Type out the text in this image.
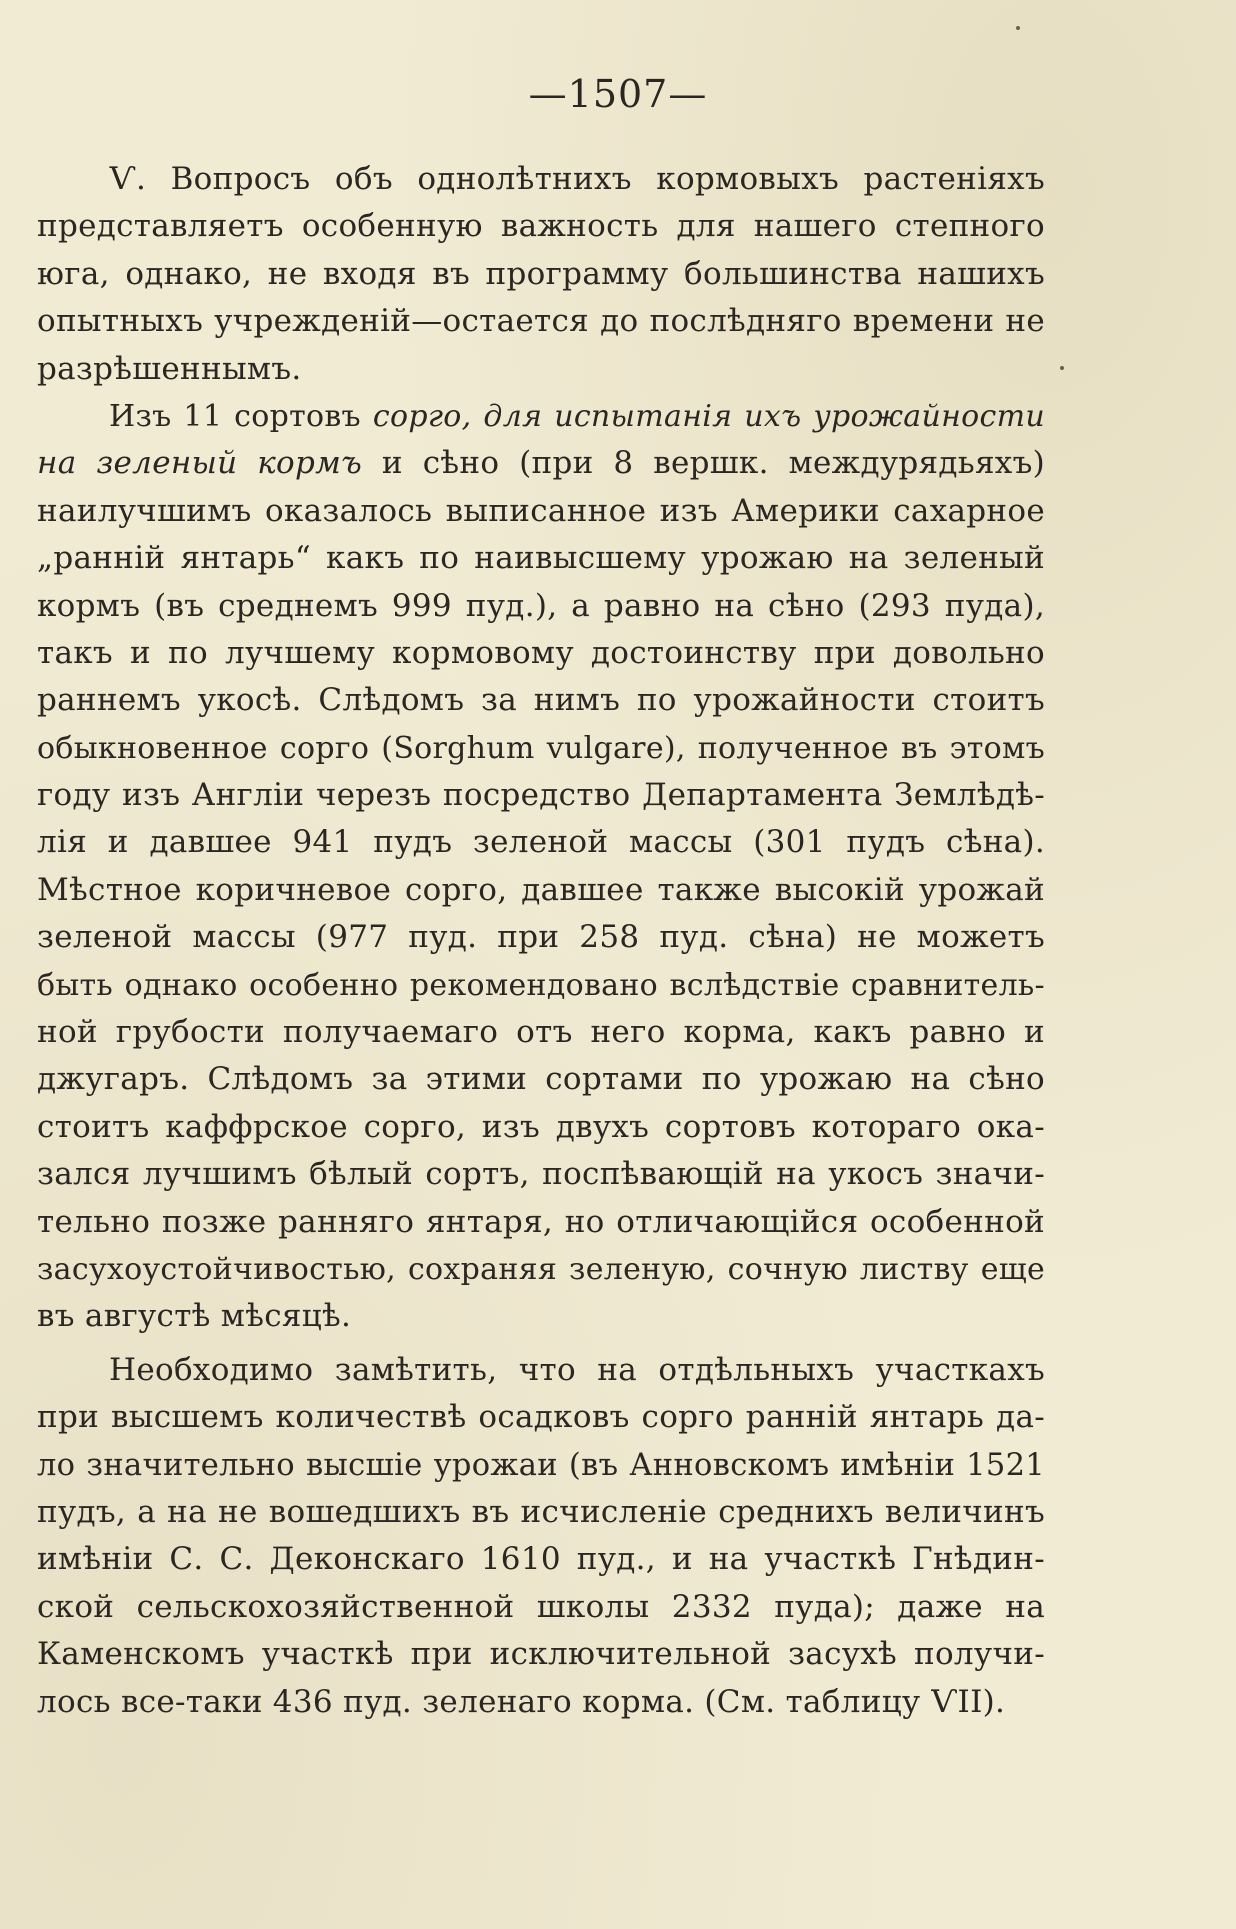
—1507—
Ѵ. Вопросъ объ однолѣтнихъ кормовыхъ растеніяхъ
представляетъ особенную важность для нашего степного
юга, однако, не входя въ программу большинства нашихъ
опытныхъ учрежденій—остается до послѣдняго времени не
разрѣшеннымъ.
Изъ 11 сортовъ сорго, для испытанія ихъ урожайности
на зеленый кормъ и сѣно (при 8 вершк. междурядьяхъ)
наилучшимъ оказалось выписанное изъ Америки сахарное
„ранній янтарь“ какъ по наивысшему урожаю на зеленый
кормъ (въ среднемъ 999 пуд.), а равно на сѣно (293 пуда),
такъ и по лучшему кормовому достоинству при довольно
раннемъ укосѣ. Слѣдомъ за нимъ по урожайности стоитъ
обыкновенное сорго (Sorghum vulgare), полученное въ этомъ
году изъ Англіи черезъ посредство Департамента Землѣдѣ-
лія и давшее 941 пудъ зеленой массы (301 пудъ сѣна).
Мѣстное коричневое сорго, давшее также высокій урожай
зеленой массы (977 пуд. при 258 пуд. сѣна) не можетъ
быть однако особенно рекомендовано вслѣдствіе сравнитель-
ной грубости получаемаго отъ него корма, какъ равно и
джугаръ. Слѣдомъ за этими сортами по урожаю на сѣно
стоитъ каффрское сорго, изъ двухъ сортовъ котораго ока-
зался лучшимъ бѣлый сортъ, поспѣвающій на укосъ значи-
тельно позже ранняго янтаря, но отличающійся особенной
засухоустойчивостью, сохраняя зеленую, сочную листву еще
въ августѣ мѣсяцѣ.
Необходимо замѣтить, что на отдѣльныхъ участкахъ
при высшемъ количествѣ осадковъ сорго ранній янтарь да-
ло значительно высшіе урожаи (въ Анновскомъ имѣніи 1521
пудъ, а на не вошедшихъ въ исчисленіе среднихъ величинъ
имѣніи С. С. Деконскаго 1610 пуд., и на участкѣ Гнѣдин-
ской сельскохозяйственной школы 2332 пуда); даже на
Каменскомъ участкѣ при исключительной засухѣ получи-
лось все-таки 436 пуд. зеленаго корма. (См. таблицу ѴII).
